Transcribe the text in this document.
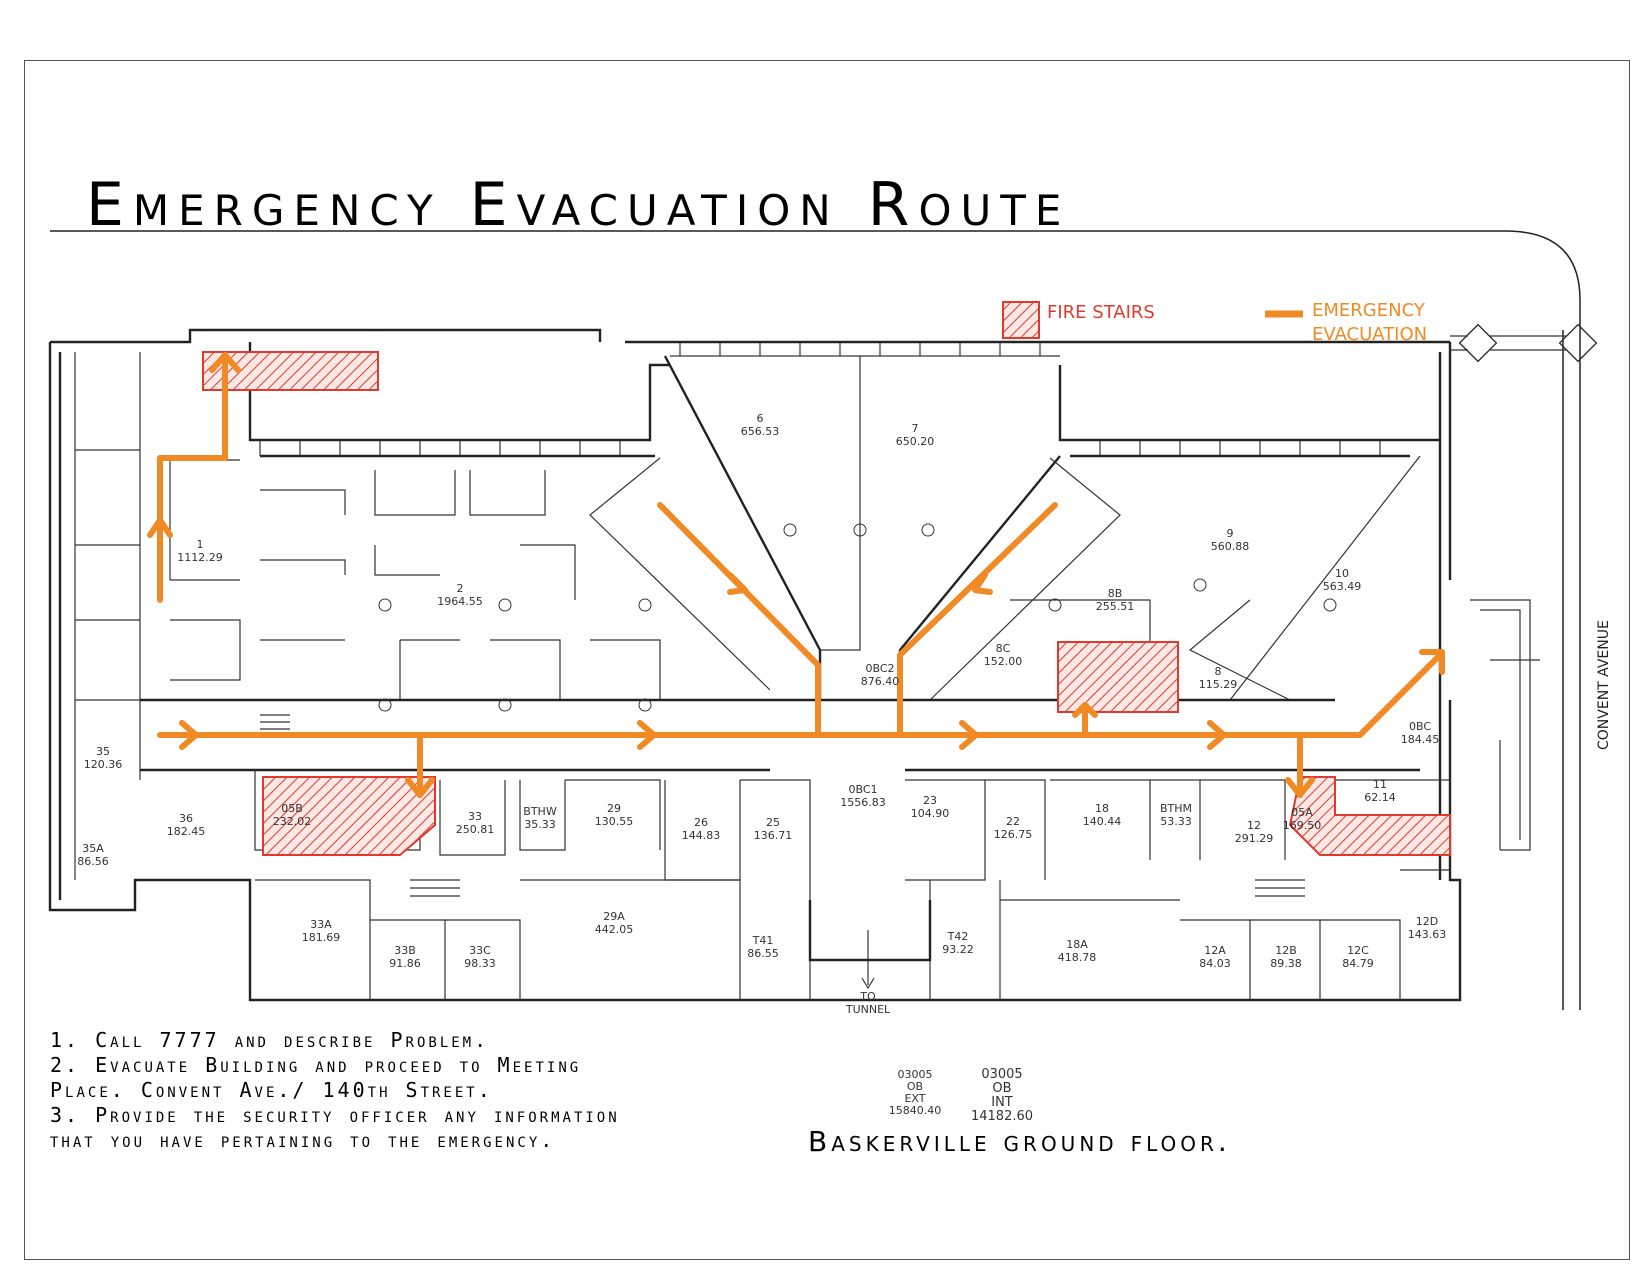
Emergency Evacuation Route
FIRE STAIRS	EMERGENCY
EVACUATION
CONVENT AVENUE
TO
TUNNEL
03005
OB
EXT
15840.40
03005
OB
INT
14182.60
1
1112.29
2
1964.55
6
656.53	7
650.20
9
560.88
10
563.49
8B
255.51
8C
152.00
8
115.29
0BC2
876.40
0BC1
1556.83
0BC
184.45
35
120.36
36
182.45
35A
86.56
05B
232.02	33
250.81
BTHW
35.33
29
130.55	26
144.83
25
136.71
23
104.90
22
126.75
18
140.44
BTHM
53.33	12
291.29
05A
169.50
11
62.14
33A
181.69
33B
91.86
33C
98.33
29A
442.05
T41
86.55
T42
93.22	18A
418.78
12A
84.03
12B
89.38
12C
84.79
12D
143.63
1. Call 7777 and describe Problem.
2. Evacuate Building and proceed to Meeting
Place. Convent Ave./ 140th Street.
3. Provide the security officer any information
that you have pertaining to the emergency.	Baskerville ground floor.
